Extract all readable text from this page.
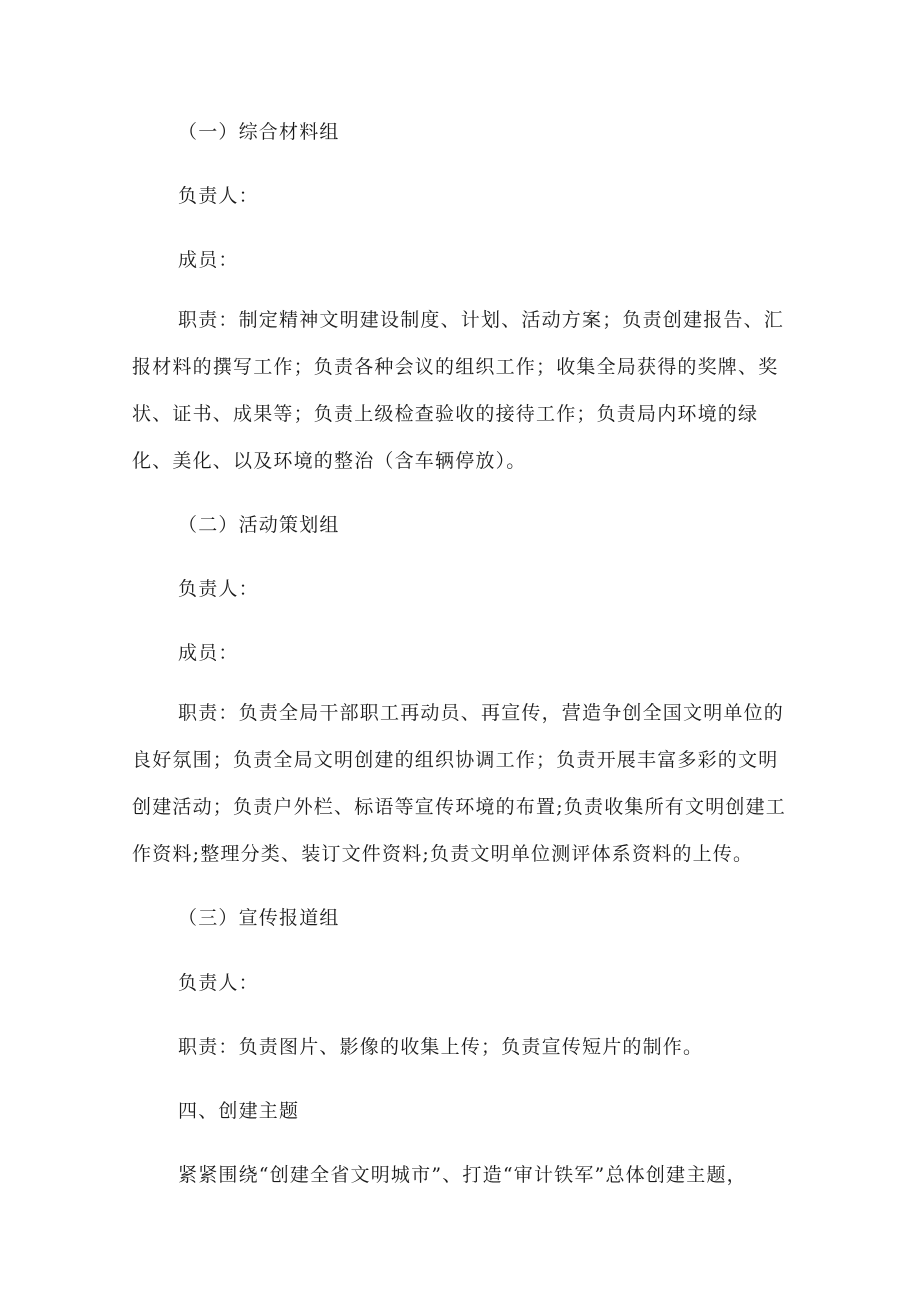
（一）综合材料组

负责人：

成员：

职责：制定精神文明建设制度、计划、活动方案；负责创建报告、汇报材料的撰写工作；负责各种会议的组织工作；收集全局获得的奖牌、奖状、证书、成果等；负责上级检查验收的接待工作；负责局内环境的绿化、美化、以及环境的整治（含车辆停放）。

（二）活动策划组

负责人：

成员：

职责：负责全局干部职工再动员、再宣传，营造争创全国文明单位的良好氛围；负责全局文明创建的组织协调工作；负责开展丰富多彩的文明创建活动；负责户外栏、标语等宣传环境的布置;负责收集所有文明创建工作资料;整理分类、装订文件资料;负责文明单位测评体系资料的上传。

（三）宣传报道组

负责人：

职责：负责图片、影像的收集上传；负责宣传短片的制作。

四、创建主题

紧紧围绕“创建全省文明城市”、打造“审计铁军”总体创建主题，
